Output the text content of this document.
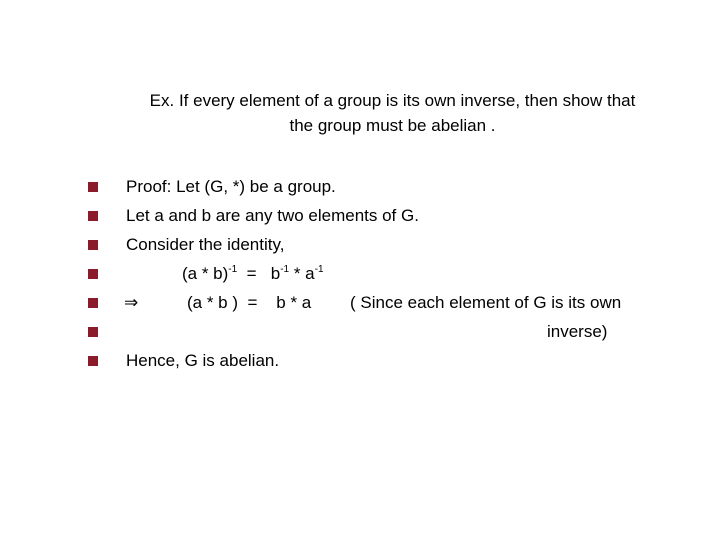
Ex. If every element of a group is its own inverse, then show that
the group must be abelian .
Proof: Let (G, *) be a group.
Let a and b are any two elements of G.
Consider the identity,
$(a * b)^{-1} = b^{-1} * a^{-1}$
⇒	(a * b )  =    b * a ( Since each element of G is its own
inverse)
Hence, G is abelian.
